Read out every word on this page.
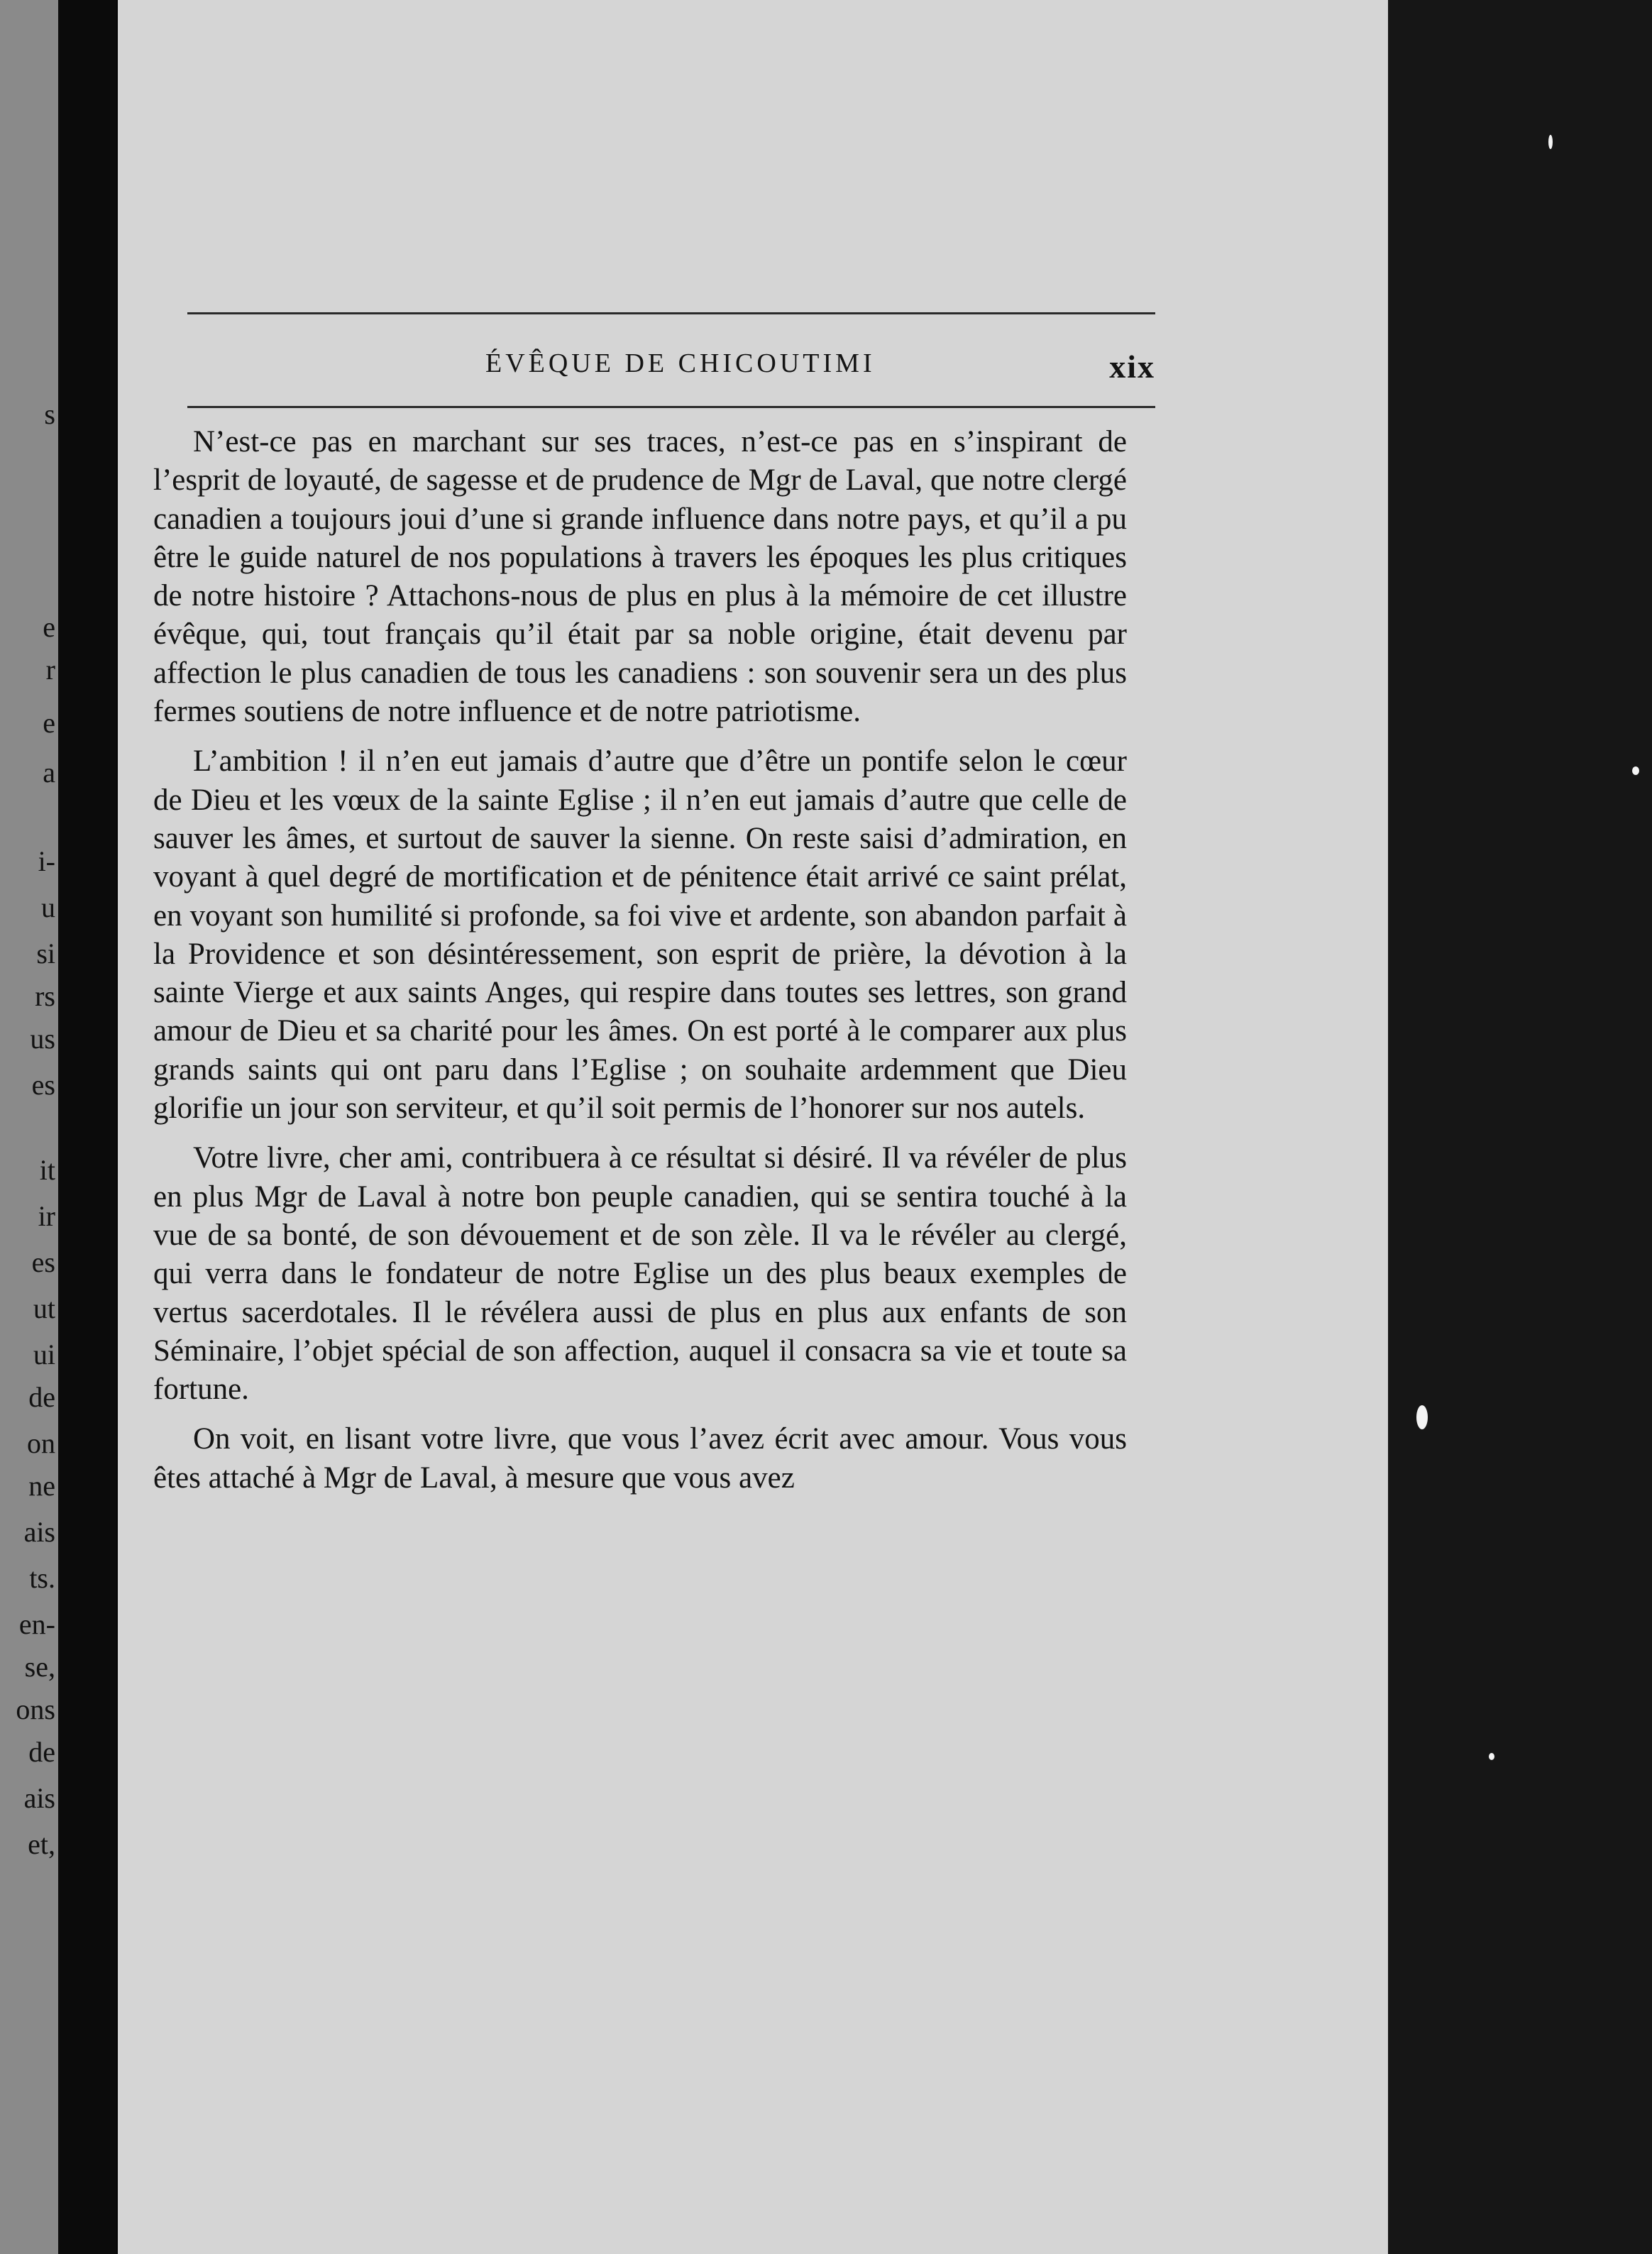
s
e
r
e
a
i-
u
si
rs
us
es
it
ir
es
ut
ui
de
on
ne
ais
ts.
en-
se,
ons
de
ais
et,
ÉVÊQUE DE CHICOUTIMI	xix

N’est-ce pas en marchant sur ses traces, n’est-ce pas en s’inspirant de l’esprit de loyauté, de sagesse et de prudence de Mgr de Laval, que notre clergé canadien a toujours joui d’une si grande influence dans notre pays, et qu’il a pu être le guide naturel de nos populations à travers les époques les plus critiques de notre histoire ? Attachons-nous de plus en plus à la mémoire de cet illustre évêque, qui, tout français qu’il était par sa noble origine, était devenu par affection le plus canadien de tous les canadiens : son souvenir sera un des plus fermes soutiens de notre influence et de notre patriotisme.

L’ambition ! il n’en eut jamais d’autre que d’être un pontife selon le cœur de Dieu et les vœux de la sainte Eglise ; il n’en eut jamais d’autre que celle de sauver les âmes, et surtout de sauver la sienne. On reste saisi d’admiration, en voyant à quel degré de mortification et de pénitence était arrivé ce saint prélat, en voyant son humilité si profonde, sa foi vive et ardente, son abandon parfait à la Providence et son désintéressement, son esprit de prière, la dévotion à la sainte Vierge et aux saints Anges, qui respire dans toutes ses lettres, son grand amour de Dieu et sa charité pour les âmes. On est porté à le comparer aux plus grands saints qui ont paru dans l’Eglise ; on souhaite ardemment que Dieu glorifie un jour son serviteur, et qu’il soit permis de l’honorer sur nos autels.

Votre livre, cher ami, contribuera à ce résultat si désiré. Il va révéler de plus en plus Mgr de Laval à notre bon peuple canadien, qui se sentira touché à la vue de sa bonté, de son dévouement et de son zèle. Il va le révéler au clergé, qui verra dans le fondateur de notre Eglise un des plus beaux exemples de vertus sacerdotales. Il le révélera aussi de plus en plus aux enfants de son Séminaire, l’objet spécial de son affection, auquel il consacra sa vie et toute sa fortune.

On voit, en lisant votre livre, que vous l’avez écrit avec amour. Vous vous êtes attaché à Mgr de Laval, à mesure que vous avez
